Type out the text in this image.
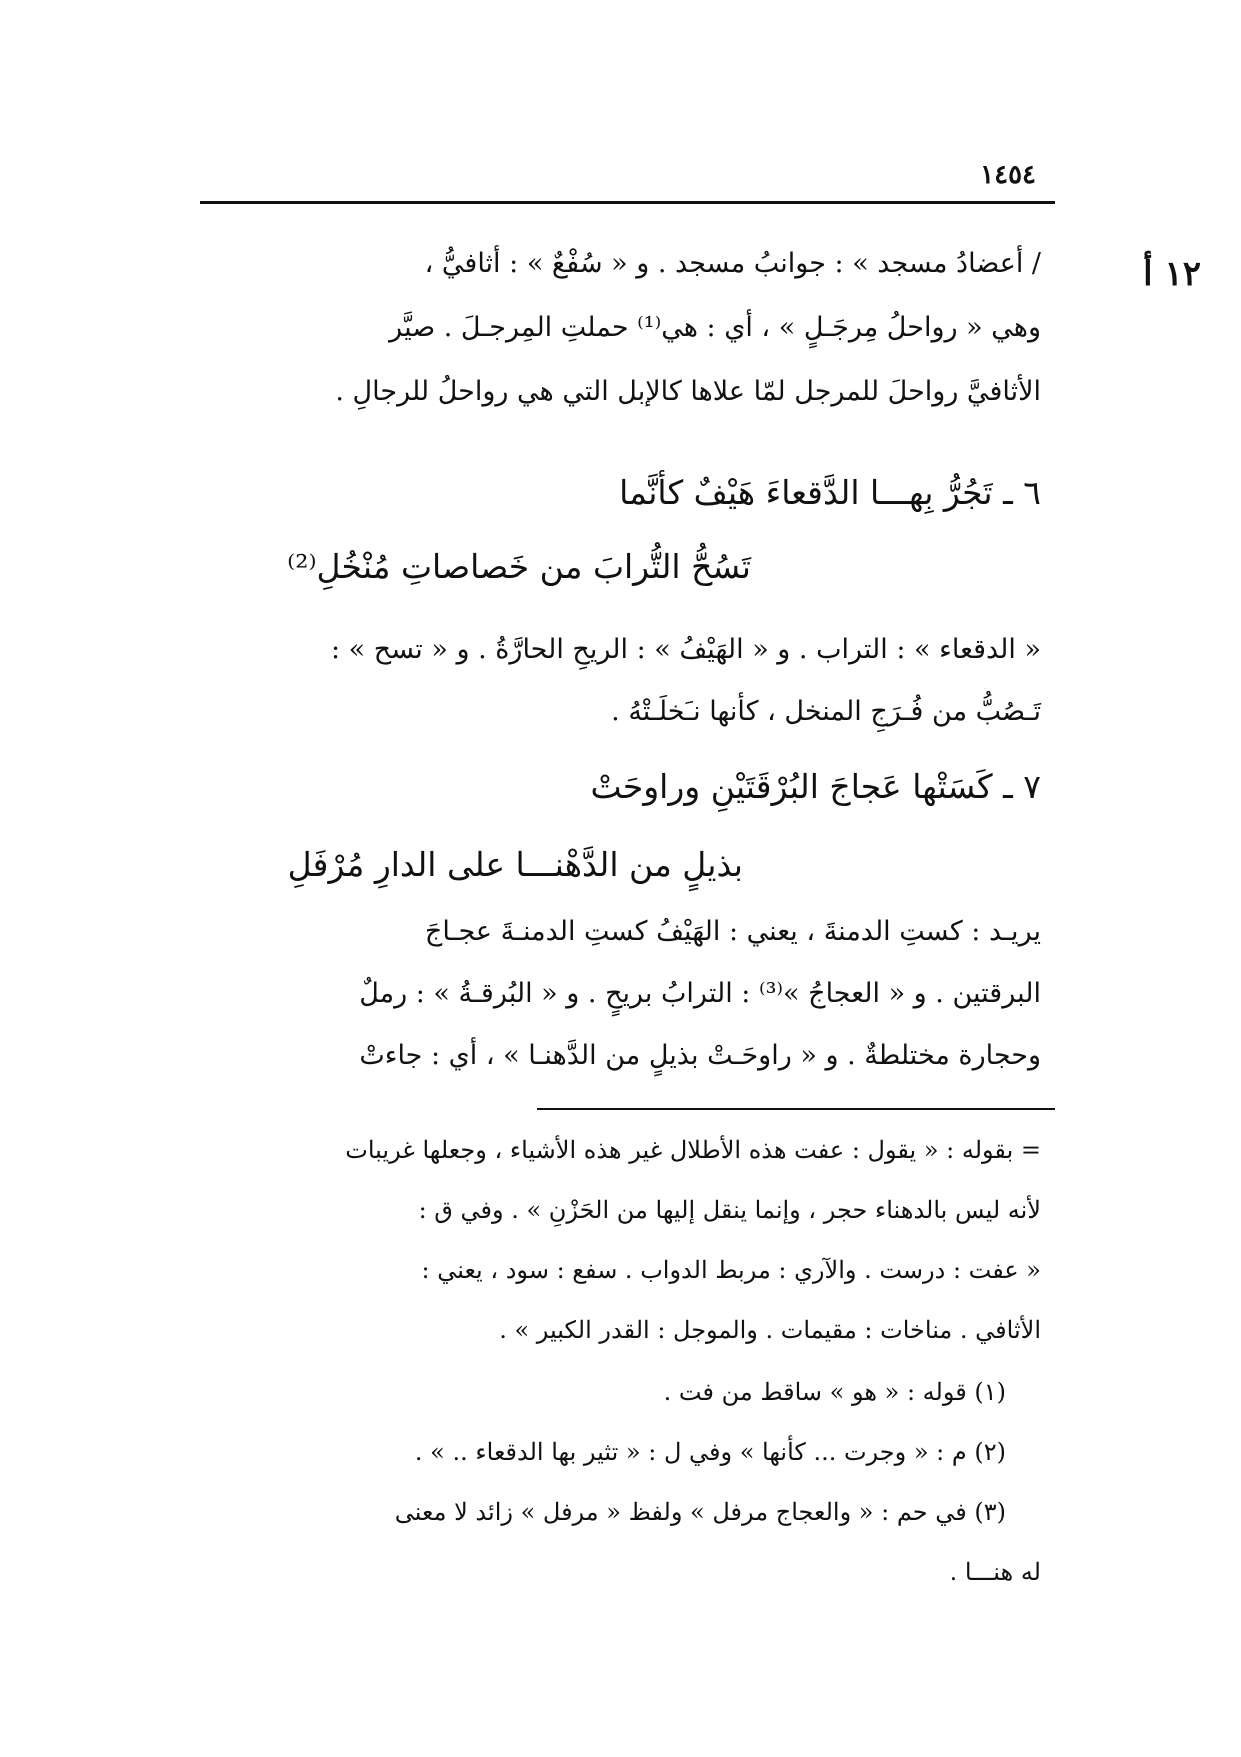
١٤٥٤
١٢ أ
/ أعضادُ مسجد » : جوانبُ مسجد . و « سُفْعٌ » : أثافيُّ ،
وهي « رواحلُ مِرجَـلٍ » ، أي : هي⁽¹⁾ حملتِ المِرجـلَ . صيَّر
الأثافيَّ رواحلَ للمرجل لمّا علاها كالإبل التي هي رواحلُ للرجالِ .
٦ ـ تَجُرُّ بِهـــا الدَّقعاءَ هَيْفٌ كأنَّما
تَسُحُّ التُّرابَ من خَصاصاتِ مُنْخُلِ⁽²⁾
« الدقعاء » : التراب . و « الهَيْفُ » : الريحِ الحارَّةُ . و « تسح » :
تَـصُبُّ من فُـرَجِ المنخل ، كأنها نـَخلَـتْهُ .
٧ ـ كَسَتْها عَجاجَ البُرْقَتَيْنِ وراوحَتْ
بذيلٍ من الدَّهْنـــا على الدارِ مُرْفَلِ
يريـد : كستِ الدمنةَ ، يعني : الهَيْفُ كستِ الدمنـةَ عجـاجَ
البرقتين . و « العجاجُ »⁽³⁾ : الترابُ بريحٍ . و « البُرقـةُ » : رملٌ
وحجارة مختلطةٌ . و « راوحَـتْ بذيلٍ من الدَّهنـا » ، أي : جاءتْ
= بقوله : « يقول : عفت هذه الأطلال غير هذه الأشياء ، وجعلها غريبات
لأنه ليس بالدهناء حجر ، وإنما ينقل إليها من الحَزْنِ » . وفي ق :
« عفت : درست . والآري : مربط الدواب . سفع : سود ، يعني :
الأثافي . مناخات : مقيمات . والموجل : القدر الكبير » .
(١) قوله : « هو » ساقط من فت .
(٢) م : « وجرت ... كأنها » وفي ل : « تثير بها الدقعاء .. » .
(٣) في حم : « والعجاج مرفل » ولفظ « مرفل » زائد لا معنى
له هنـــا .
